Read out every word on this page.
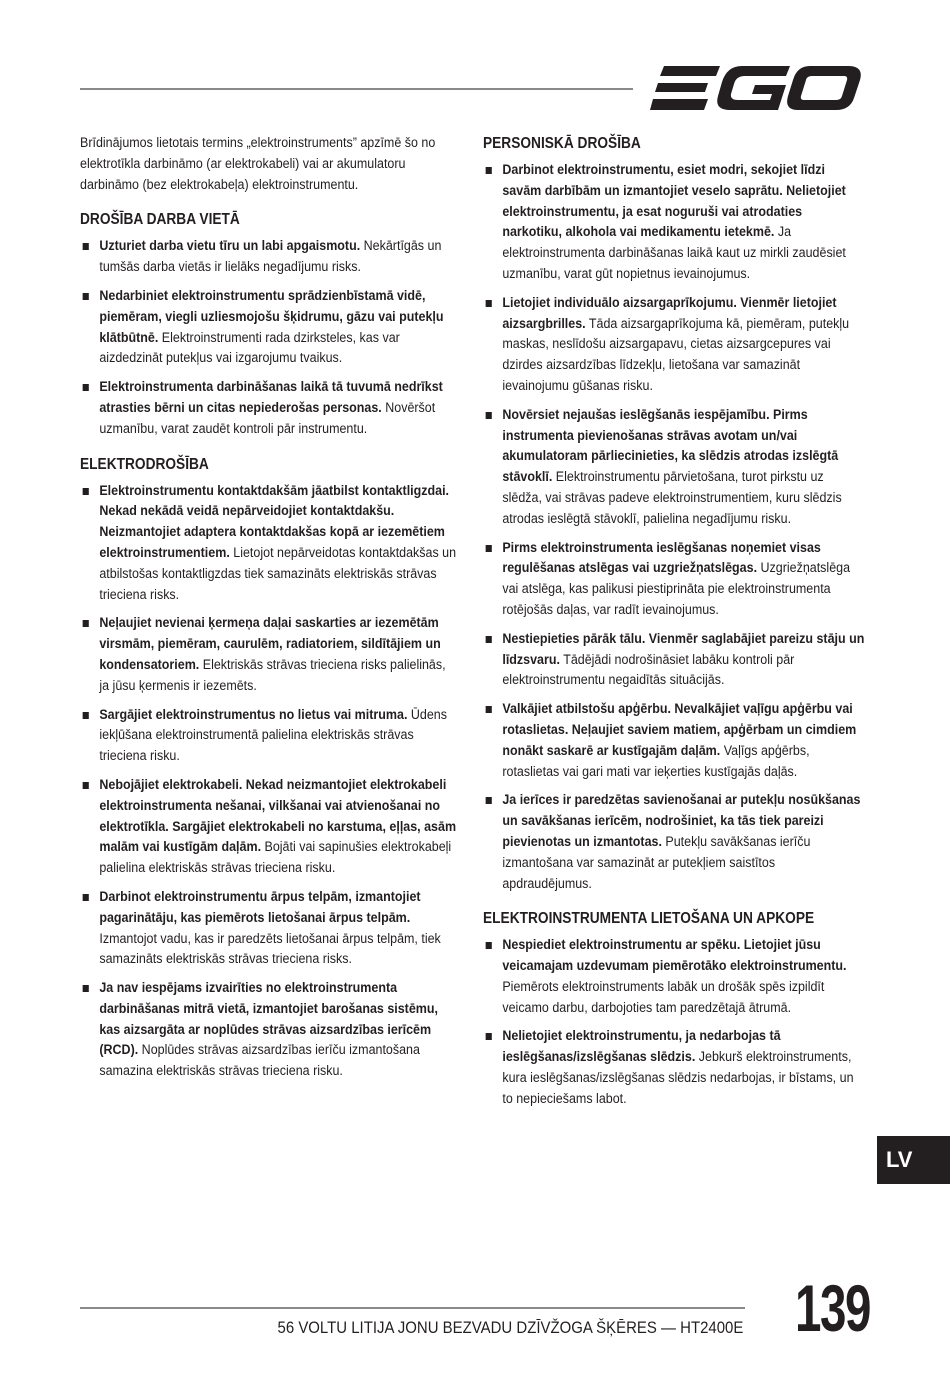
EGO

Brīdinājumos lietotais termins „elektroinstruments” apzīmē šo no elektrotīkla darbināmo (ar elektrokabeli) vai ar akumulatoru darbināmo (bez elektrokabeļa) elektroinstrumentu.

DROŠĪBA DARBA VIETĀ
Uzturiet darba vietu tīru un labi apgaismotu. Nekārtīgās un tumšās darba vietās ir lielāks negadījumu risks.
Nedarbiniet elektroinstrumentu sprādzienbīstamā vidē, piemēram, viegli uzliesmojošu šķidrumu, gāzu vai putekļu klātbūtnē. Elektroinstrumenti rada dzirksteles, kas var aizdedzināt putekļus vai izgarojumu tvaikus.
Elektroinstrumenta darbināšanas laikā tā tuvumā nedrīkst atrasties bērni un citas nepiederošas personas. Novēršot uzmanību, varat zaudēt kontroli pār instrumentu.
ELEKTRODROŠĪBA
Elektroinstrumentu kontaktdakšām jāatbilst kontaktligzdai. Nekad nekādā veidā nepārveidojiet kontaktdakšu. Neizmantojiet adaptera kontaktdakšas kopā ar iezemētiem elektroinstrumentiem. Lietojot nepārveidotas kontaktdakšas un atbilstošas kontaktligzdas tiek samazināts elektriskās strāvas trieciena risks.
Neļaujiet nevienai ķermeņa daļai saskarties ar iezemētām virsmām, piemēram, caurulēm, radiatoriem, sildītājiem un kondensatoriem. Elektriskās strāvas trieciena risks palielinās, ja jūsu ķermenis ir iezemēts.
Sargājiet elektroinstrumentus no lietus vai mitruma. Ūdens iekļūšana elektroinstrumentā palielina elektriskās strāvas trieciena risku.
Nebojājiet elektrokabeli. Nekad neizmantojiet elektrokabeli elektroinstrumenta nešanai, vilkšanai vai atvienošanai no elektrotīkla. Sargājiet elektrokabeli no karstuma, eļļas, asām malām vai kustīgām daļām. Bojāti vai sapinušies elektrokabeļi palielina elektriskās strāvas trieciena risku.
Darbinot elektroinstrumentu ārpus telpām, izmantojiet pagarinātāju, kas piemērots lietošanai ārpus telpām. Izmantojot vadu, kas ir paredzēts lietošanai ārpus telpām, tiek samazināts elektriskās strāvas trieciena risks.
Ja nav iespējams izvairīties no elektroinstrumenta darbināšanas mitrā vietā, izmantojiet barošanas sistēmu, kas aizsargāta ar noplūdes strāvas aizsardzības ierīcēm (RCD). Noplūdes strāvas aizsardzības ierīču izmantošana samazina elektriskās strāvas trieciena risku.
PERSONISKĀ DROŠĪBA
Darbinot elektroinstrumentu, esiet modri, sekojiet līdzi savām darbībām un izmantojiet veselo saprātu. Nelietojiet elektroinstrumentu, ja esat noguruši vai atrodaties narkotiku, alkohola vai medikamentu ietekmē. Ja elektroinstrumenta darbināšanas laikā kaut uz mirkli zaudēsiet uzmanību, varat gūt nopietnus ievainojumus.
Lietojiet individuālo aizsargaprīkojumu. Vienmēr lietojiet aizsargbrilles. Tāda aizsargaprīkojuma kā, piemēram, putekļu maskas, neslīdošu aizsargapavu, cietas aizsargcepures vai dzirdes aizsardzības līdzekļu, lietošana var samazināt ievainojumu gūšanas risku.
Novērsiet nejaušas ieslēgšanās iespējamību. Pirms instrumenta pievienošanas strāvas avotam un/vai akumulatoram pārliecinieties, ka slēdzis atrodas izslēgtā stāvoklī. Elektroinstrumentu pārvietošana, turot pirkstu uz slēdža, vai strāvas padeve elektroinstrumentiem, kuru slēdzis atrodas ieslēgtā stāvoklī, palielina negadījumu risku.
Pirms elektroinstrumenta ieslēgšanas noņemiet visas regulēšanas atslēgas vai uzgriežņatslēgas. Uzgriežņatslēga vai atslēga, kas palikusi piestiprināta pie elektroinstrumenta rotējošās daļas, var radīt ievainojumus.
Nestiepieties pārāk tālu. Vienmēr saglabājiet pareizu stāju un līdzsvaru. Tādējādi nodrošināsiet labāku kontroli pār elektroinstrumentu negaidītās situācijās.
Valkājiet atbilstošu apģērbu. Nevalkājiet vaļīgu apģērbu vai rotaslietas. Neļaujiet saviem matiem, apģērbam un cimdiem nonākt saskarē ar kustīgajām daļām. Vaļīgs apģērbs, rotaslietas vai gari mati var ieķerties kustīgajās daļās.
Ja ierīces ir paredzētas savienošanai ar putekļu nosūkšanas un savākšanas ierīcēm, nodrošiniet, ka tās tiek pareizi pievienotas un izmantotas. Putekļu savākšanas ierīču izmantošana var samazināt ar putekļiem saistītos apdraudējumus.
ELEKTROINSTRUMENTA LIETOŠANA UN APKOPE
Nespiediet elektroinstrumentu ar spēku. Lietojiet jūsu veicamajam uzdevumam piemērotāko elektroinstrumentu. Piemērots elektroinstruments labāk un drošāk spēs izpildīt veicamo darbu, darbojoties tam paredzētajā ātrumā.
Nelietojiet elektroinstrumentu, ja nedarbojas tā ieslēgšanas/izslēgšanas slēdzis. Jebkurš elektroinstruments, kura ieslēgšanas/izslēgšanas slēdzis nedarbojas, ir bīstams, un to nepieciešams labot.
LV
56 VOLTU LITIJA JONU BEZVADU DZĪVŽOGA ŠĶĒRES — HT2400E 139
